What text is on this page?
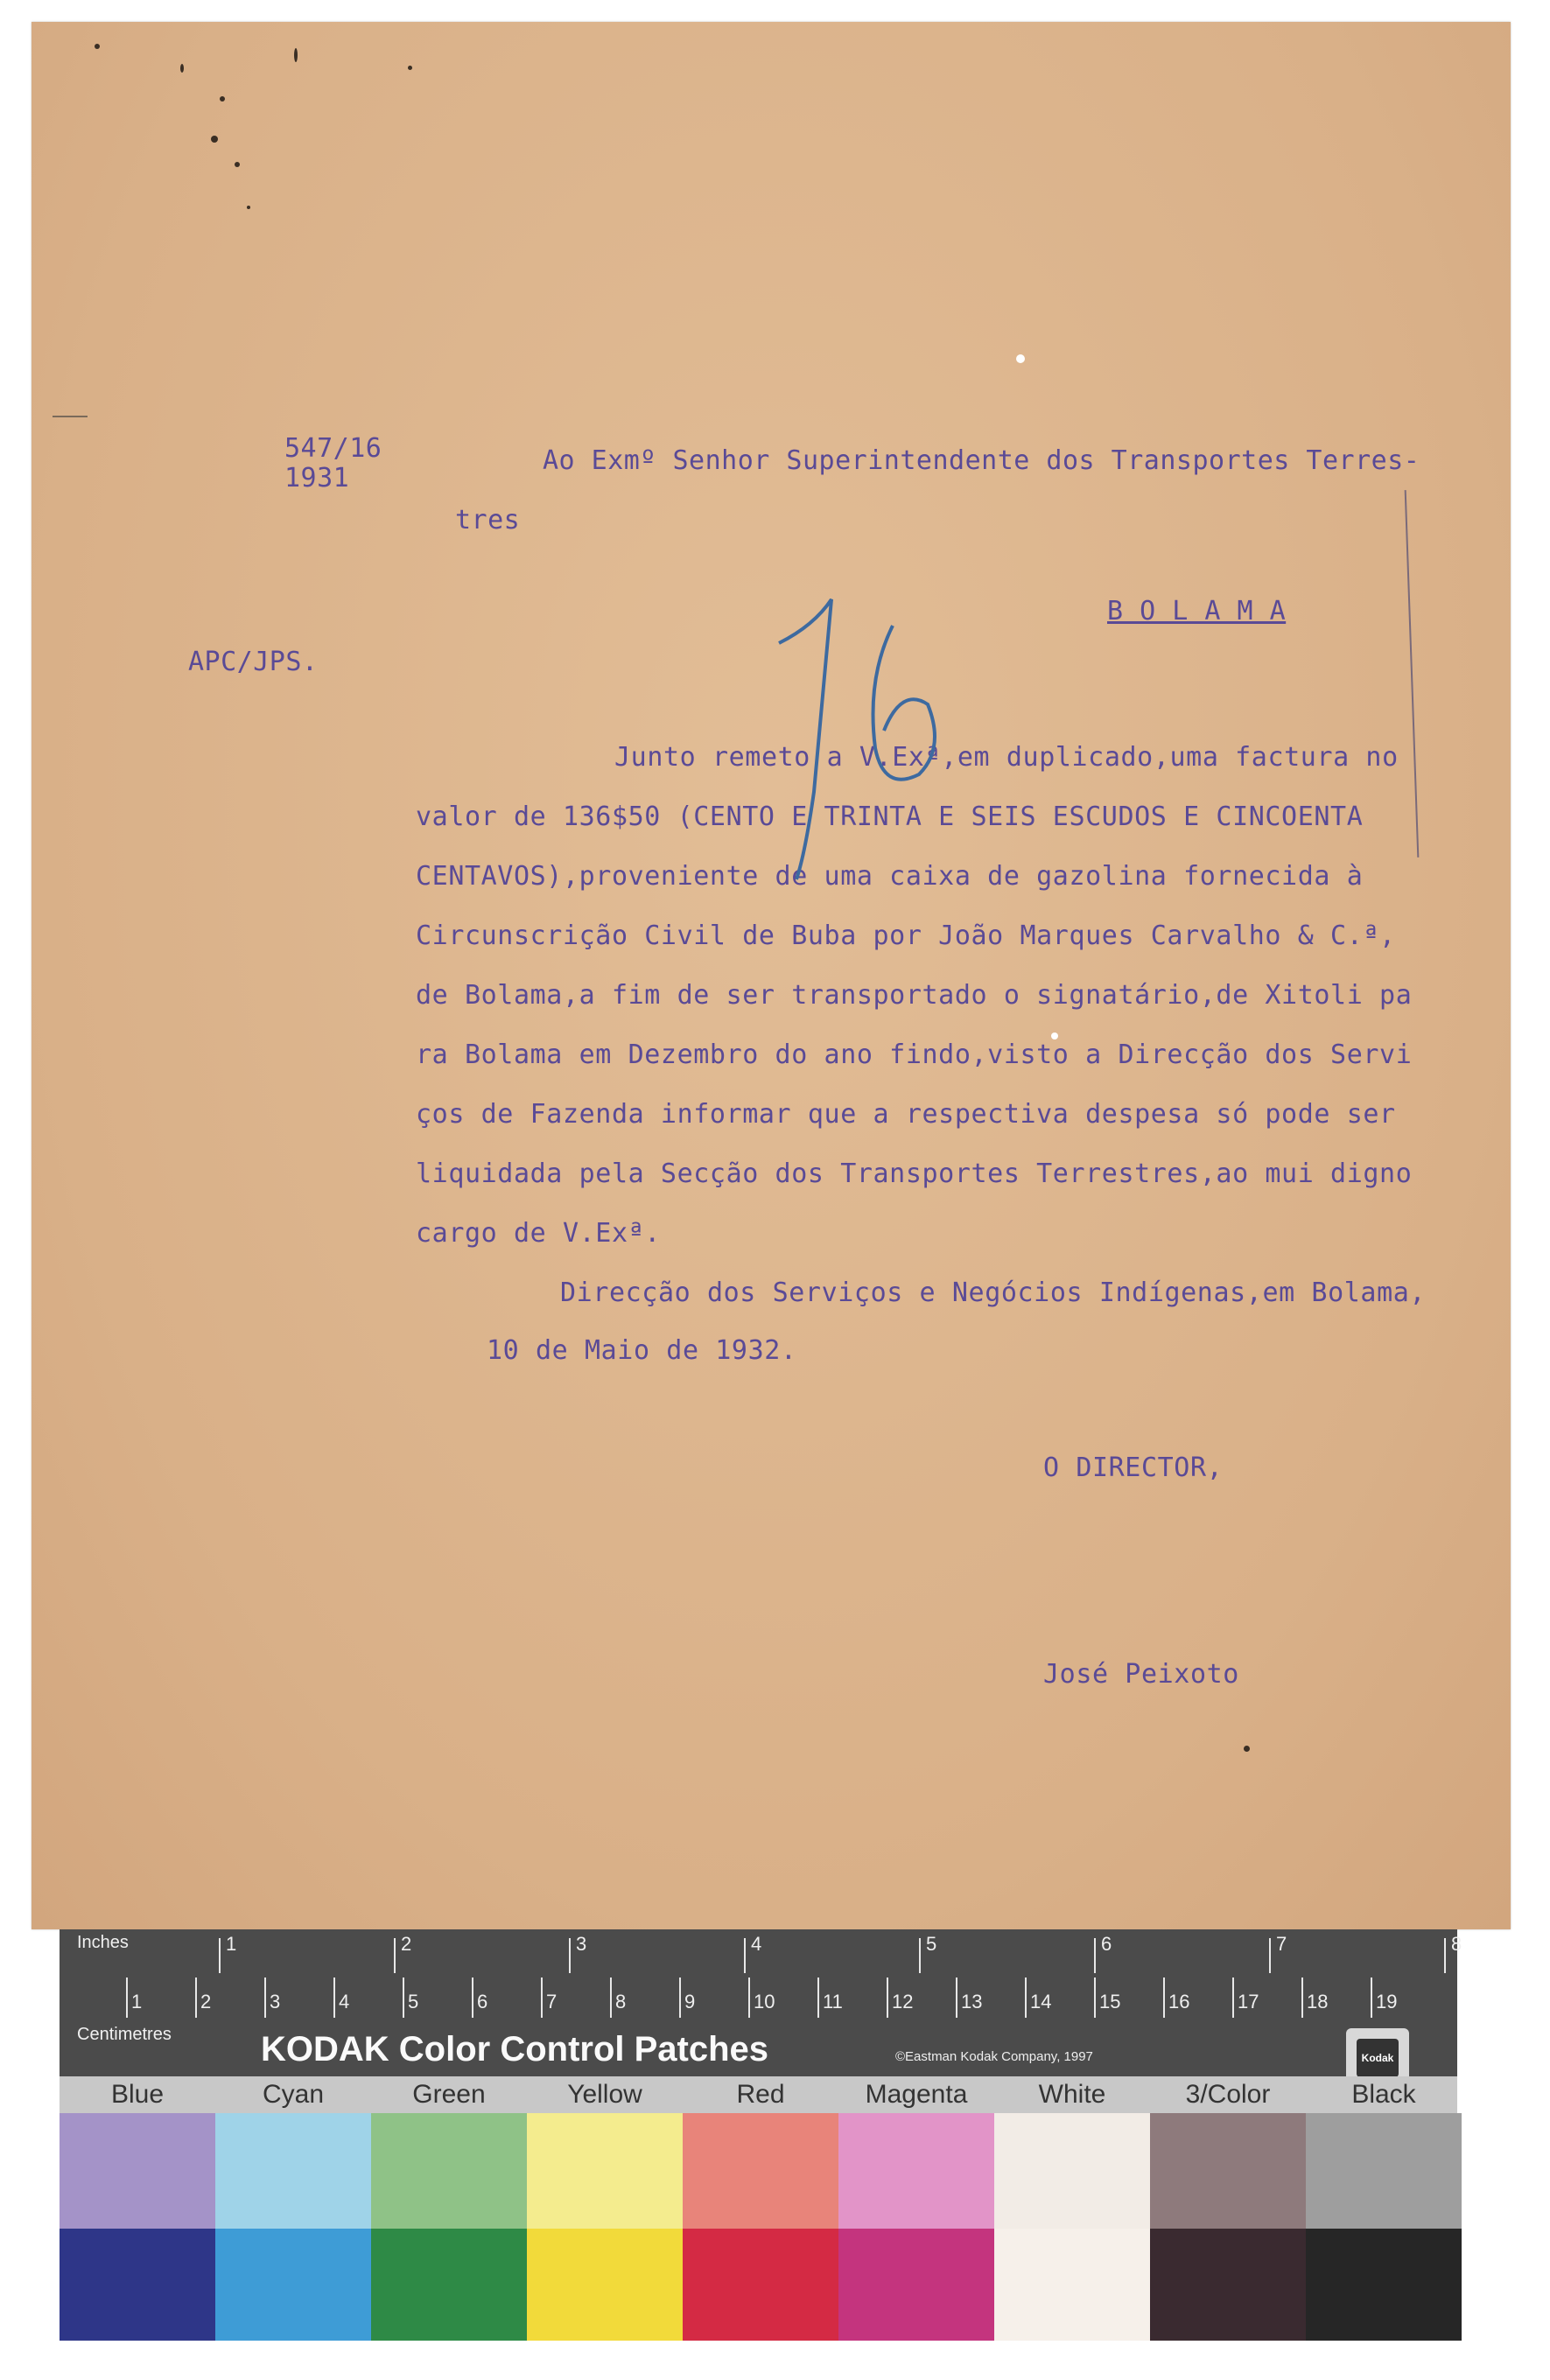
547/16
1931
Ao Exmº Senhor Superintendente dos Transportes Terres-
tres
B O L A M A
APC/JPS.
Junto remeto a V.Exª,em duplicado,uma factura no
valor de 136$50 (CENTO E TRINTA E SEIS ESCUDOS E CINCOENTA
CENTAVOS),proveniente de uma caixa de gazolina fornecida à
Circunscrição Civil de Buba por João Marques Carvalho & C.ª,
de Bolama,a fim de ser transportado o signatário,de Xitoli pa
ra Bolama em Dezembro do ano findo,visto a Direcção dos Servi
ços de Fazenda informar que a respectiva despesa só pode ser
liquidada pela Secção dos Transportes Terrestres,ao mui digno
cargo de V.Exª.
Direcção dos Serviços e Negócios Indígenas,em Bolama,
10 de Maio de 1932.
O DIRECTOR,
José Peixoto
Inches	1	2	3	4	5	6	7	8
1	2	3	4	5	6	7	8	9	10 11	12 13 14 15 16 17 18 19
Centimetres	KODAK Color Control Patches	©Eastman Kodak Company, 1997	Kodak
Blue	Cyan	Green	Yellow	Red	Magenta	White	3/Color	Black
